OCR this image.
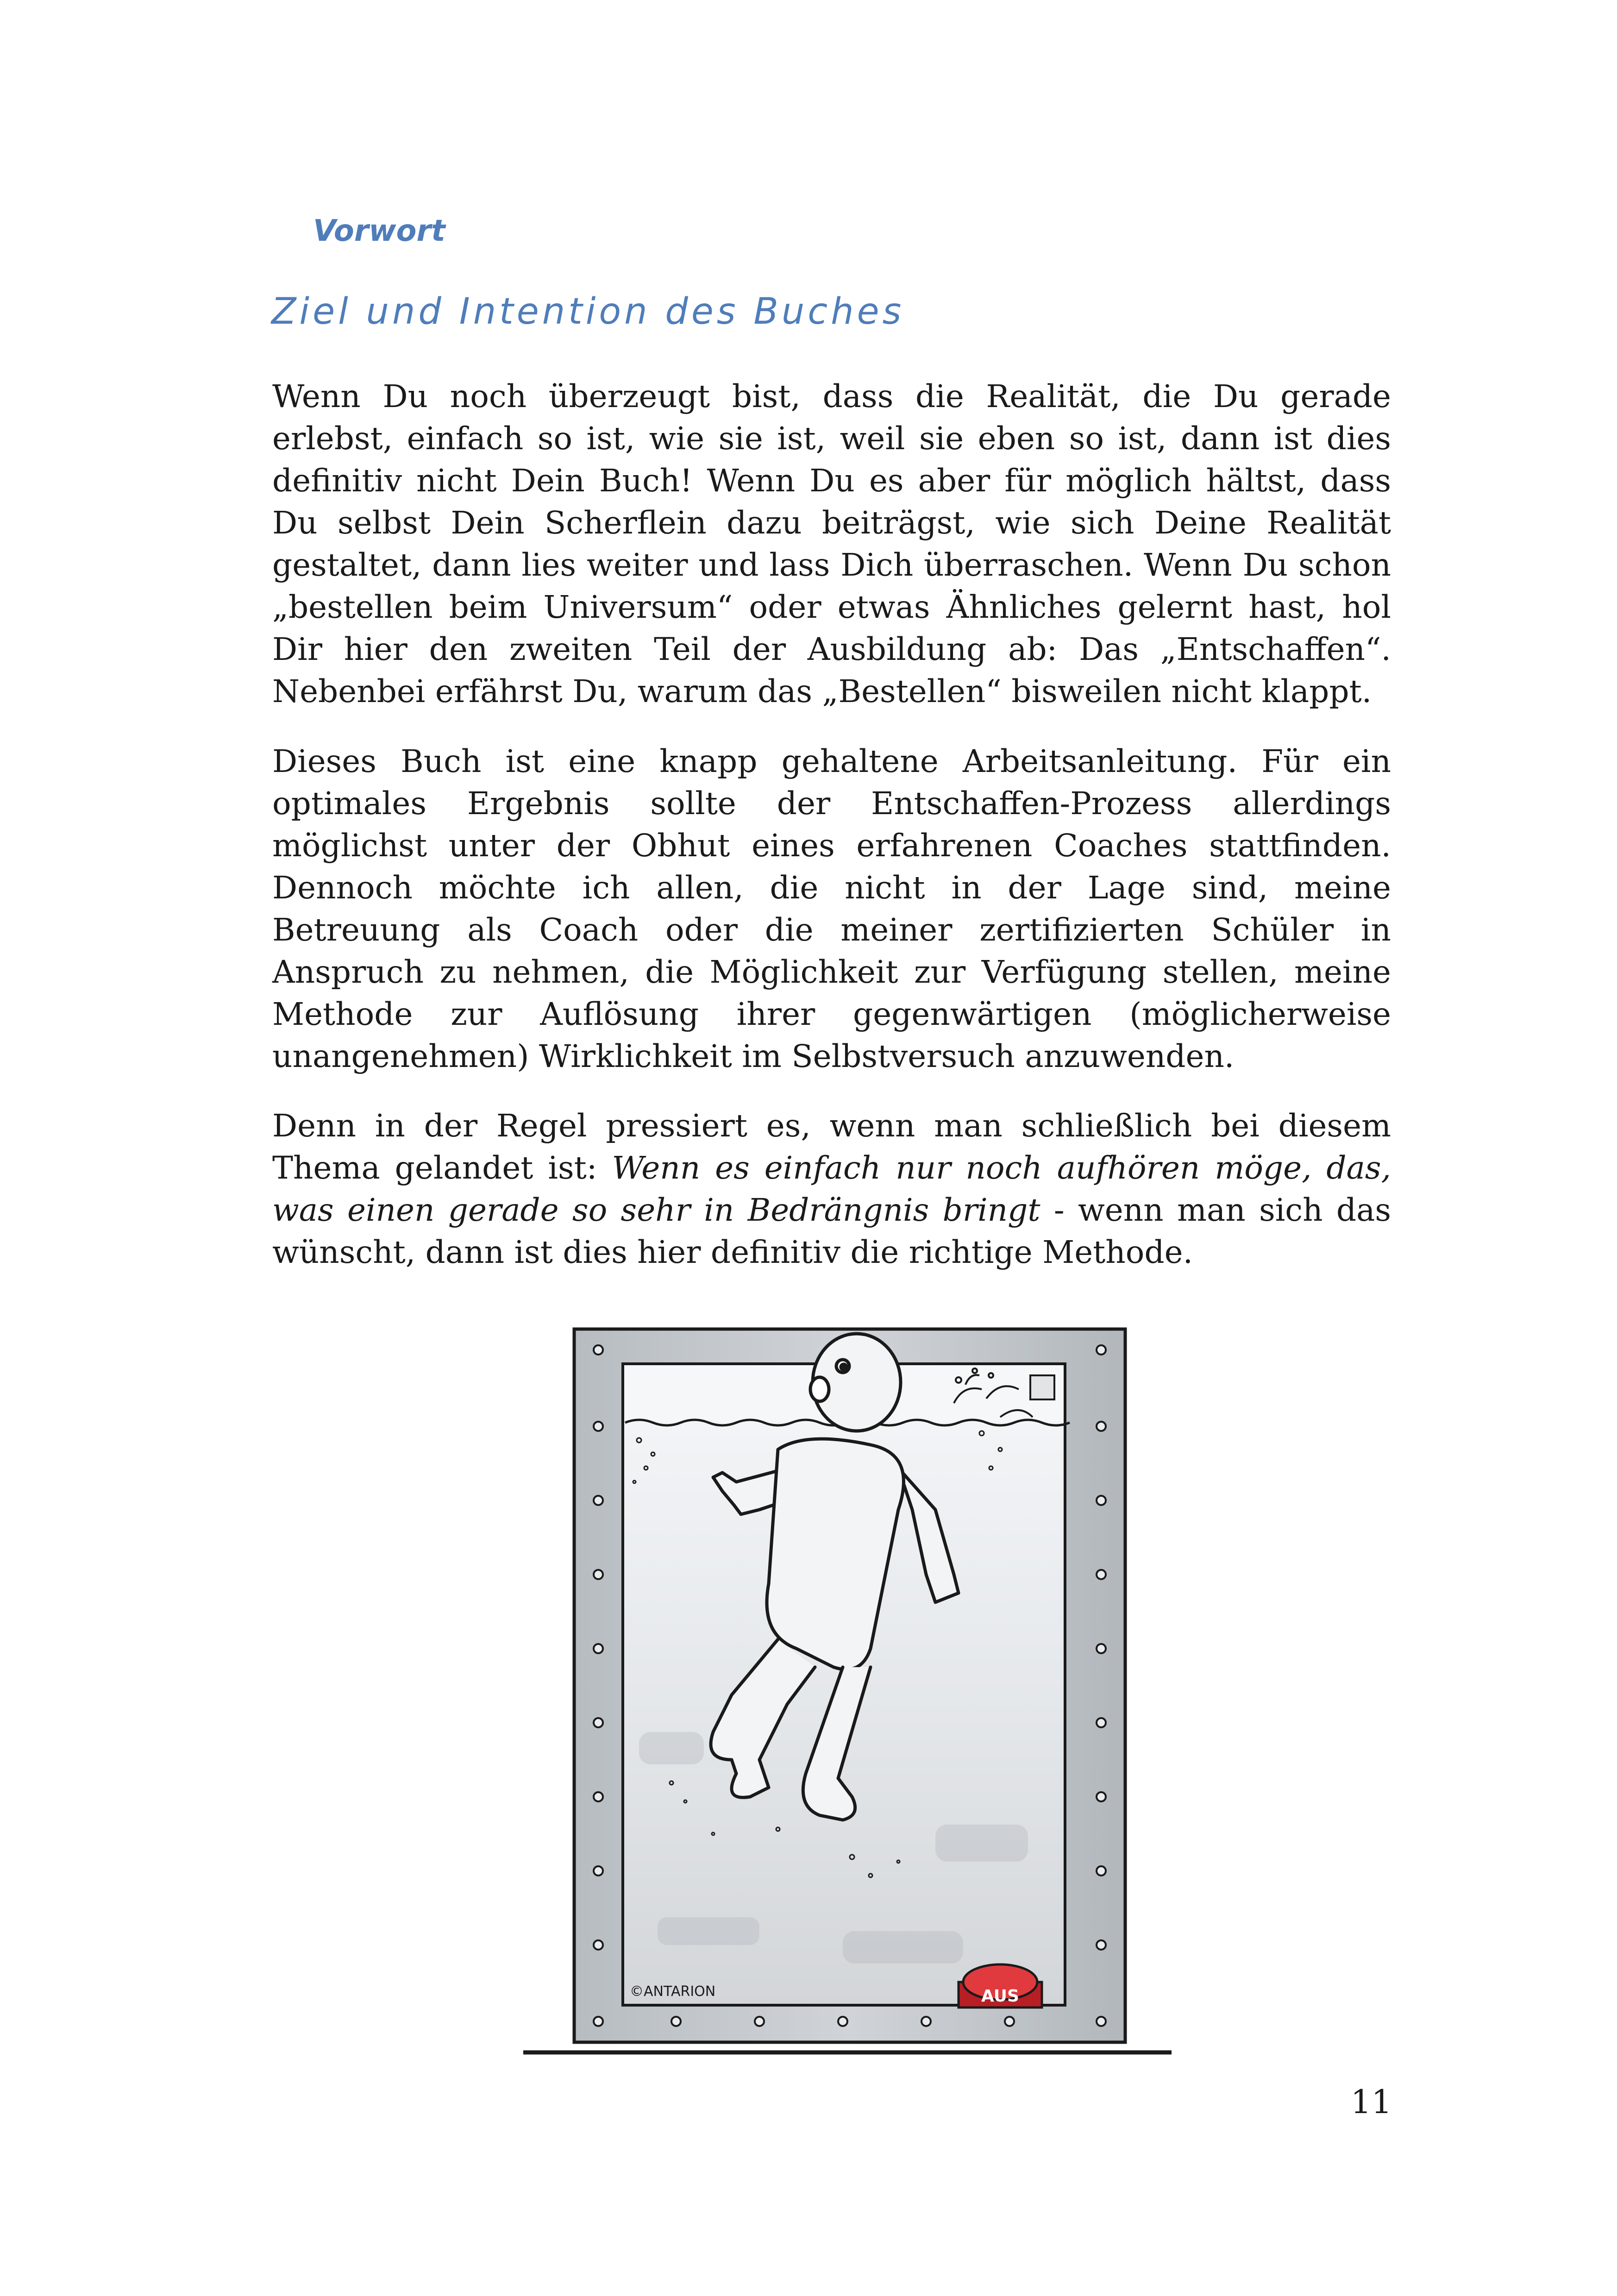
Vorwort
Ziel und Intention des Buches

Wenn Du noch überzeugt bist, dass die Realität, die Du gerade erlebst, einfach so ist, wie sie ist, weil sie eben so ist, dann ist dies definitiv nicht Dein Buch! Wenn Du es aber für möglich hältst, dass Du selbst Dein Scherflein dazu beiträgst, wie sich Deine Realität gestaltet, dann lies weiter und lass Dich überraschen. Wenn Du schon „bestellen beim Universum“ oder etwas Ähnliches gelernt hast, hol Dir hier den zweiten Teil der Ausbildung ab: Das „Entschaffen“. Nebenbei erfährst Du, warum das „Bestellen“ bisweilen nicht klappt.

Dieses Buch ist eine knapp gehaltene Arbeitsanleitung. Für ein optimales Ergebnis sollte der Entschaffen-Prozess allerdings möglichst unter der Obhut eines erfahrenen Coaches stattfinden. Dennoch möchte ich allen, die nicht in der Lage sind, meine Betreuung als Coach oder die meiner zertifizierten Schüler in Anspruch zu nehmen, die Möglichkeit zur Verfügung stellen, meine Methode zur Auflösung ihrer gegenwärtigen (möglicherweise unangenehmen) Wirklichkeit im Selbstversuch anzuwenden.

Denn in der Regel pressiert es, wenn man schließlich bei diesem Thema gelandet ist: Wenn es einfach nur noch aufhören möge, das, was einen gerade so sehr in Bedrängnis bringt - wenn man sich das wünscht, dann ist dies hier definitiv die richtige Methode.

AUS
©ANTARION
11
